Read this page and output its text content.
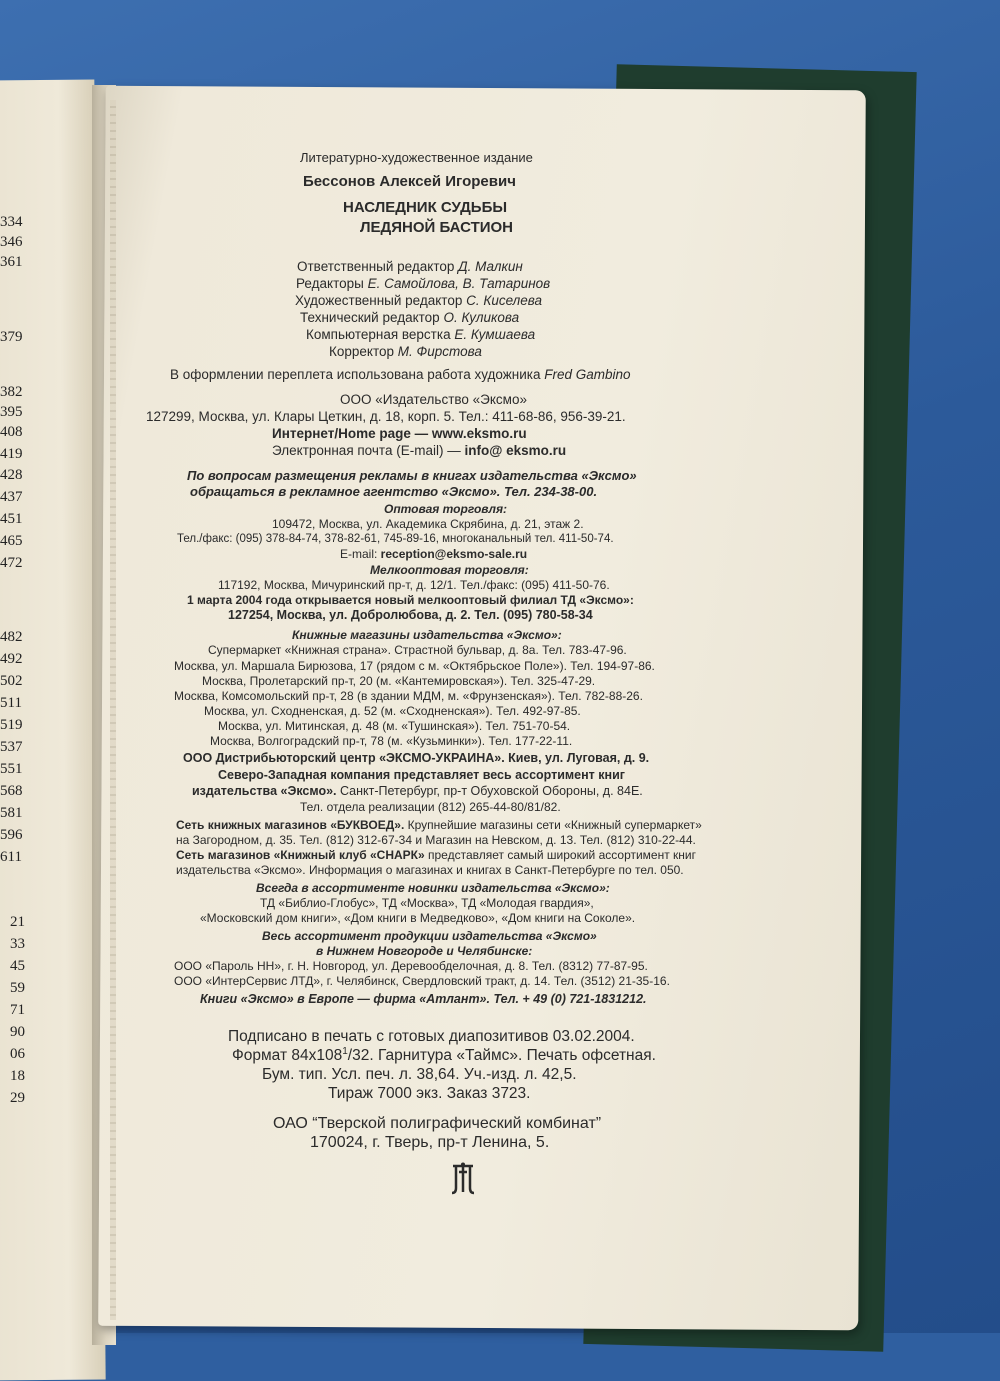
334
346
361
379
382
395
408
419
428
437
451
465
472
482
492
502
511
519
537
551
568
581
596
611
21
33
45
59
71
90
06
18
29
Литературно-художественное издание
Бессонов Алексей Игоревич
НАСЛЕДНИК СУДЬБЫ
ЛЕДЯНОЙ БАСТИОН
Ответственный редактор Д. Малкин
Редакторы Е. Самойлова, В. Татаринов
Художественный редактор С. Киселева
Технический редактор О. Куликова
Компьютерная верстка Е. Кумшаева
Корректор М. Фирстова
В оформлении переплета использована работа художника Fred Gambino
ООО «Издательство «Эксмо»
127299, Москва, ул. Клары Цеткин, д. 18, корп. 5. Тел.: 411-68-86, 956-39-21.
Интернет/Home page — www.eksmo.ru
Электронная почта (E-mail) — info@ eksmo.ru
По вопросам размещения рекламы в книгах издательства «Эксмо»
обращаться в рекламное агентство «Эксмо». Тел. 234-38-00.
Оптовая торговля:
109472, Москва, ул. Академика Скрябина, д. 21, этаж 2.
Тел./факс: (095) 378-84-74, 378-82-61, 745-89-16, многоканальный тел. 411-50-74.
E-mail: reception@eksmo-sale.ru
Мелкооптовая торговля:
117192, Москва, Мичуринский пр-т, д. 12/1. Тел./факс: (095) 411-50-76.
1 марта 2004 года открывается новый мелкооптовый филиал ТД «Эксмо»:
127254, Москва, ул. Добролюбова, д. 2. Тел. (095) 780-58-34
Книжные магазины издательства «Эксмо»:
Супермаркет «Книжная страна». Страстной бульвар, д. 8а. Тел. 783-47-96.
Москва, ул. Маршала Бирюзова, 17 (рядом с м. «Октябрьское Поле»). Тел. 194-97-86.
Москва, Пролетарский пр-т, 20 (м. «Кантемировская»). Тел. 325-47-29.
Москва, Комсомольский пр-т, 28 (в здании МДМ, м. «Фрунзенская»). Тел. 782-88-26.
Москва, ул. Сходненская, д. 52 (м. «Сходненская»). Тел. 492-97-85.
Москва, ул. Митинская, д. 48 (м. «Тушинская»). Тел. 751-70-54.
Москва, Волгоградский пр-т, 78 (м. «Кузьминки»). Тел. 177-22-11.
ООО Дистрибьюторский центр «ЭКСМО-УКРАИНА». Киев, ул. Луговая, д. 9.
Северо-Западная компания представляет весь ассортимент книг
издательства «Эксмо». Санкт-Петербург, пр-т Обуховской Обороны, д. 84Е.
Тел. отдела реализации (812) 265-44-80/81/82.
Сеть книжных магазинов «БУКВОЕД». Крупнейшие магазины сети «Книжный супермаркет»
на Загородном, д. 35. Тел. (812) 312-67-34 и Магазин на Невском, д. 13. Тел. (812) 310-22-44.
Сеть магазинов «Книжный клуб «СНАРК» представляет самый широкий ассортимент книг
издательства «Эксмо». Информация о магазинах и книгах в Санкт-Петербурге по тел. 050.
Всегда в ассортименте новинки издательства «Эксмо»:
ТД «Библио-Глобус», ТД «Москва», ТД «Молодая гвардия»,
«Московский дом книги», «Дом книги в Медведково», «Дом книги на Соколе».
Весь ассортимент продукции издательства «Эксмо»
в Нижнем Новгороде и Челябинске:
ООО «Пароль НН», г. Н. Новгород, ул. Деревообделочная, д. 8. Тел. (8312) 77-87-95.
ООО «ИнтерСервис ЛТД», г. Челябинск, Свердловский тракт, д. 14. Тел. (3512) 21-35-16.
Книги «Эксмо» в Европе — фирма «Атлант». Тел. + 49 (0) 721-1831212.
Подписано в печать с готовых диапозитивов 03.02.2004.
Формат $84х108^1/32$. Гарнитура «Таймс». Печать офсетная.
Бум. тип. Усл. печ. л. 38,64. Уч.-изд. л. 42,5.
Тираж 7000 экз. Заказ 3723.
ОАО “Тверской полиграфический комбинат”
170024, г. Тверь, пр-т Ленина, 5.
